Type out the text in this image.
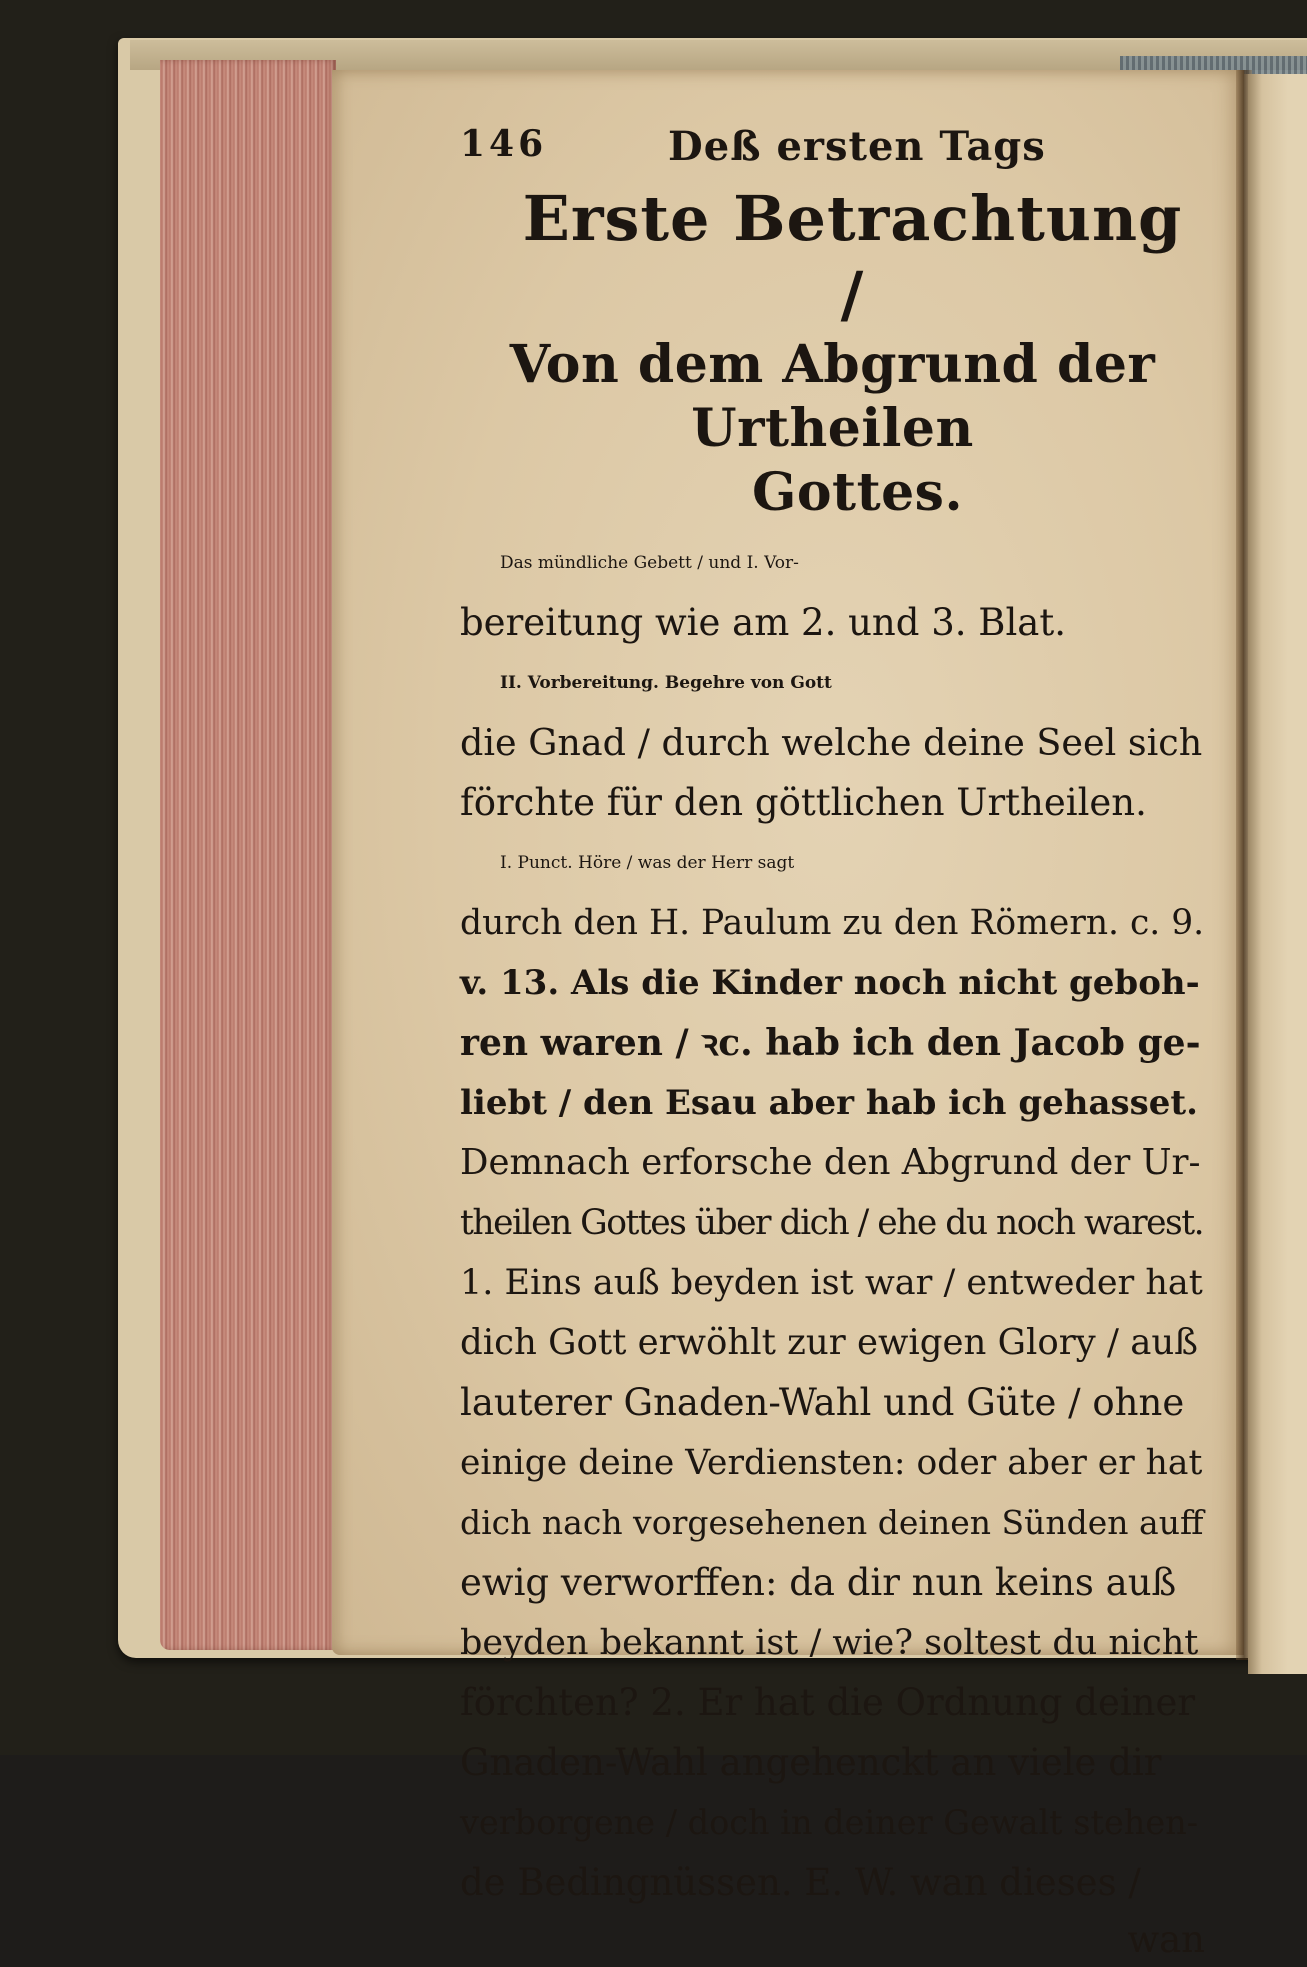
146	Deß ersten Tags
Erste Betrachtung /
Von dem Abgrund der Urtheilen
Gottes.
Das mündliche Gebett / und I. Vor-
bereitung wie am 2. und 3. Blat.
II. Vorbereitung. Begehre von Gott
die Gnad / durch welche deine Seel sich
förchte für den göttlichen Urtheilen.
I. Punct. Höre / was der Herr sagt
durch den H. Paulum zu den Römern. c. 9.
v. 13. Als die Kinder noch nicht geboh-
ren waren / ꝛc. hab ich den Jacob ge-
liebt / den Esau aber hab ich gehasset.
Demnach erforsche den Abgrund der Ur-
theilen Gottes über dich / ehe du noch warest.
1. Eins auß beyden ist war / entweder hat
dich Gott erwöhlt zur ewigen Glory / auß
lauterer Gnaden-Wahl und Güte / ohne
einige deine Verdiensten: oder aber er hat
dich nach vorgesehenen deinen Sünden auff
ewig verworffen: da dir nun keins auß
beyden bekannt ist / wie? soltest du nicht
förchten? 2. Er hat die Ordnung deiner
Gnaden-Wahl angehenckt an viele dir
verborgene / doch in deiner Gewalt stehen-
de Bedingnüssen. E. W. wan dieses /
wan
